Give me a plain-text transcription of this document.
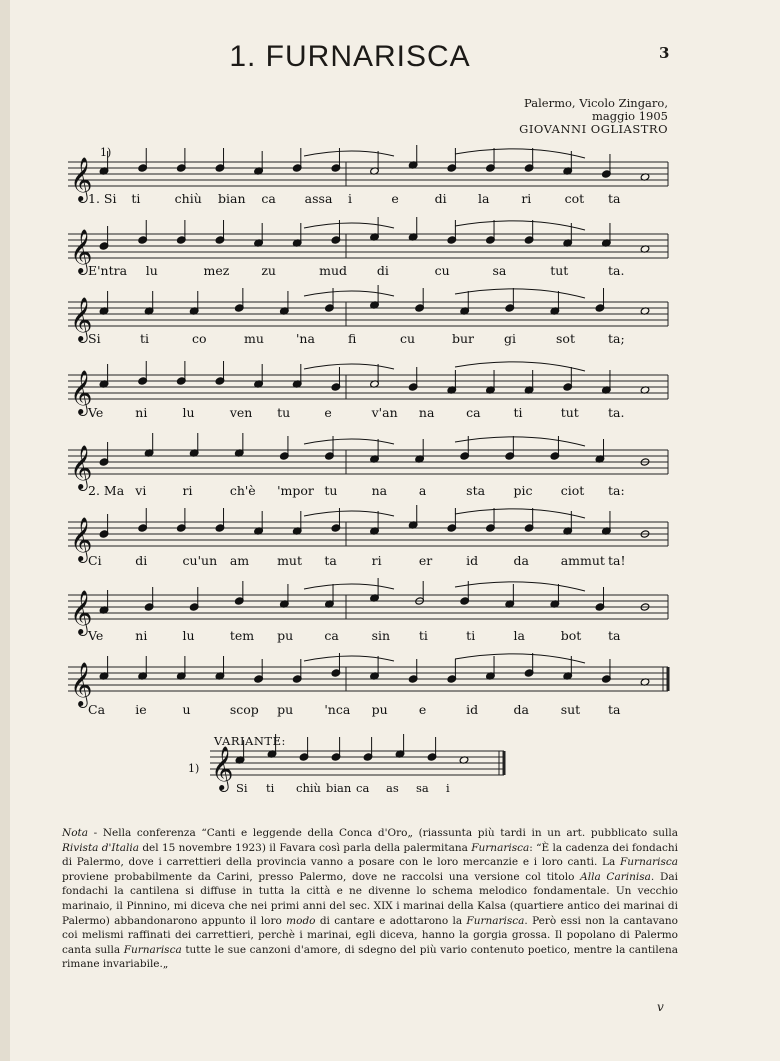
1. FURNARISCA	3
Palermo, Vicolo Zingaro,
maggio 1905
GIOVANNI OGLIASTRO
𝄞
1. Si ti	chiù bian ca assa i	e	di	la	ri	cot ta
𝄞
E'ntra lu	mez	zu	mud di	cu	sa	tut	ta.
𝄞
Si	ti	co	mu	'na	fi	cu	bur gi	sot	ta;
𝄞
Ve	ni	lu	ven tu	e	v'an na	ca	ti	tut ta.
𝄞
2. Ma vi	ri	ch'è 'mpor tu	na	a	sta pic ciot ta:
𝄞
Ci	di	cu'un am mut ta	ri	er	id	da	ammut ta!
𝄞
Ve	ni	lu	tem pu ca	sin ti	ti	la	bot ta
𝄞
Ca ie	u	scop pu 'nca pu e	id	da	sut ta
1)
VARIANTE:
1) 𝄞 Si ti chiù bian ca as sa i
Nota - Nella conferenza “Canti e leggende della Conca d'Oro„ (riassunta più tardi in un art. pubblicato sulla Rivista d'Italia del 15 novembre 1923) il Favara così parla della palermitana Furnarisca: “È la cadenza dei fondachi di Palermo, dove i carrettieri della provincia vanno a posare con le loro mercanzie e i loro canti. La Furnarisca proviene probabilmente da Carini, presso Palermo, dove ne raccolsi una versione col titolo Alla Carinisa. Dai fondachi la cantilena si diffuse in tutta la città e ne divenne lo schema melodico fondamentale. Un vecchio marinaio, il Pinnino, mi diceva che nei primi anni del sec. XIX i marinai della Kalsa (quartiere antico dei marinai di Palermo) abbandonarono appunto il loro modo di cantare e adottarono la Furnarisca. Però essi non la cantavano coi melismi raffinati dei carrettieri, perchè i marinai, egli diceva, hanno la gorgia grossa. Il popolano di Palermo canta sulla Furnarisca tutte le sue canzoni d'amore, di sdegno del più vario contenuto poetico, mentre la cantilena rimane invariabile.„
v
